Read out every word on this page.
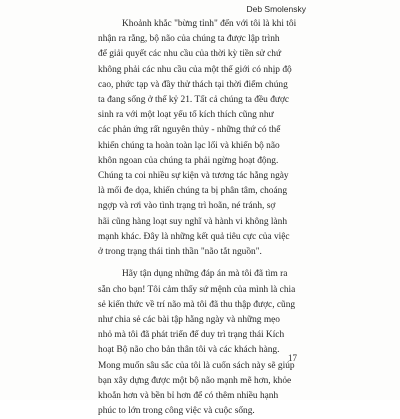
Deb Smolensky
Khoảnh khắc "bừng tỉnh" đến với tôi là khi tôi
nhận ra rằng, bộ não của chúng ta được lập trình
để giải quyết các nhu cầu của thời kỳ tiền sử chứ
không phải các nhu cầu của một thế giới có nhịp độ
cao, phức tạp và đầy thử thách tại thời điểm chúng
ta đang sống ở thế kỷ 21. Tất cả chúng ta đều được
sinh ra với một loạt yếu tố kích thích cũng như
các phản ứng rất nguyên thủy - những thứ có thể
khiến chúng ta hoàn toàn lạc lối và khiến bộ não
khôn ngoan của chúng ta phải ngừng hoạt động.
Chúng ta coi nhiều sự kiện và tương tác hằng ngày
là mối đe dọa, khiến chúng ta bị phân tâm, choáng
ngợp và rơi vào tình trạng trì hoãn, né tránh, sợ
hãi cũng hàng loạt suy nghĩ và hành vi không lành
mạnh khác. Đây là những kết quả tiêu cực của việc
ở trong trạng thái tinh thần "não tắt nguồn".
Hãy tận dụng những đáp án mà tôi đã tìm ra
sẵn cho bạn! Tôi cảm thấy sứ mệnh của mình là chia
sẻ kiến thức về trí não mà tôi đã thu thập được, cũng
như chia sẻ các bài tập hằng ngày và những mẹo
nhỏ mà tôi đã phát triển để duy trì trạng thái Kích
hoạt Bộ não cho bản thân tôi và các khách hàng.
Mong muốn sâu sắc của tôi là cuốn sách này sẽ giúp
bạn xây dựng được một bộ não mạnh mẽ hơn, khỏe
khoắn hơn và bền bỉ hơn để có thêm nhiều hạnh
phúc to lớn trong công việc và cuộc sống.
17
